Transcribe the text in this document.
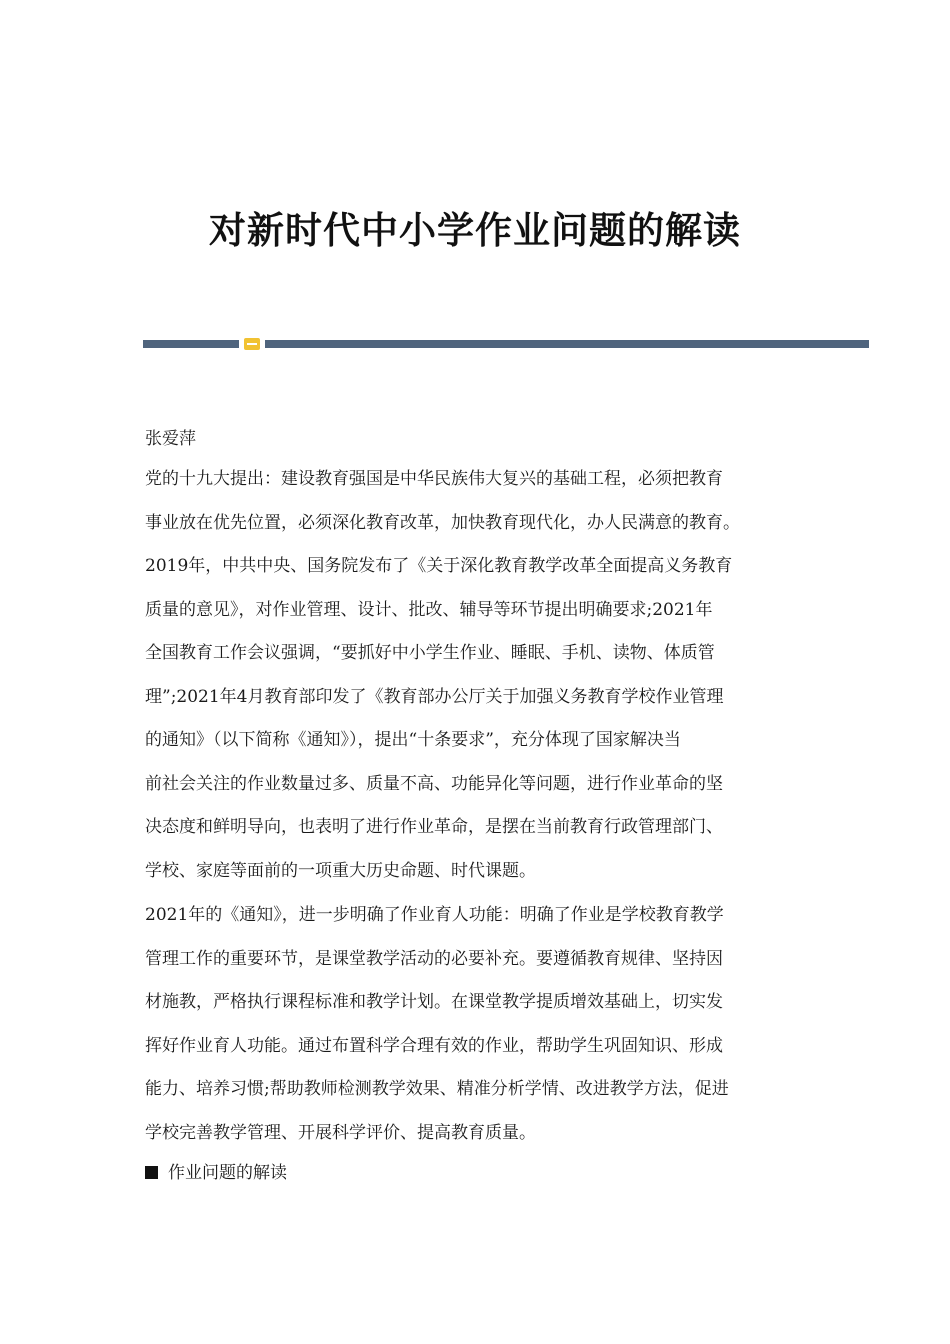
对新时代中小学作业问题的解读

张爱萍

党的十九大提出：建设教育强国是中华民族伟大复兴的基础工程，必须把教育
事业放在优先位置，必须深化教育改革，加快教育现代化，办人民满意的教育。
2019年，中共中央、国务院发布了《关于深化教育教学改革全面提高义务教育
质量的意见》，对作业管理、设计、批改、辅导等环节提出明确要求;2021年
全国教育工作会议强调，“要抓好中小学生作业、睡眠、手机、读物、体质管
理”;2021年4月教育部印发了《教育部办公厅关于加强义务教育学校作业管理
的通知》（以下简称《通知》），提出“十条要求”，充分体现了国家解决当
前社会关注的作业数量过多、质量不高、功能异化等问题，进行作业革命的坚
决态度和鲜明导向，也表明了进行作业革命，是摆在当前教育行政管理部门、
学校、家庭等面前的一项重大历史命题、时代课题。

2021年的《通知》，进一步明确了作业育人功能：明确了作业是学校教育教学
管理工作的重要环节，是课堂教学活动的必要补充。要遵循教育规律、坚持因
材施教，严格执行课程标准和教学计划。在课堂教学提质增效基础上，切实发
挥好作业育人功能。通过布置科学合理有效的作业，帮助学生巩固知识、形成
能力、培养习惯;帮助教师检测教学效果、精准分析学情、改进教学方法，促进
学校完善教学管理、开展科学评价、提高教育质量。

作业问题的解读
